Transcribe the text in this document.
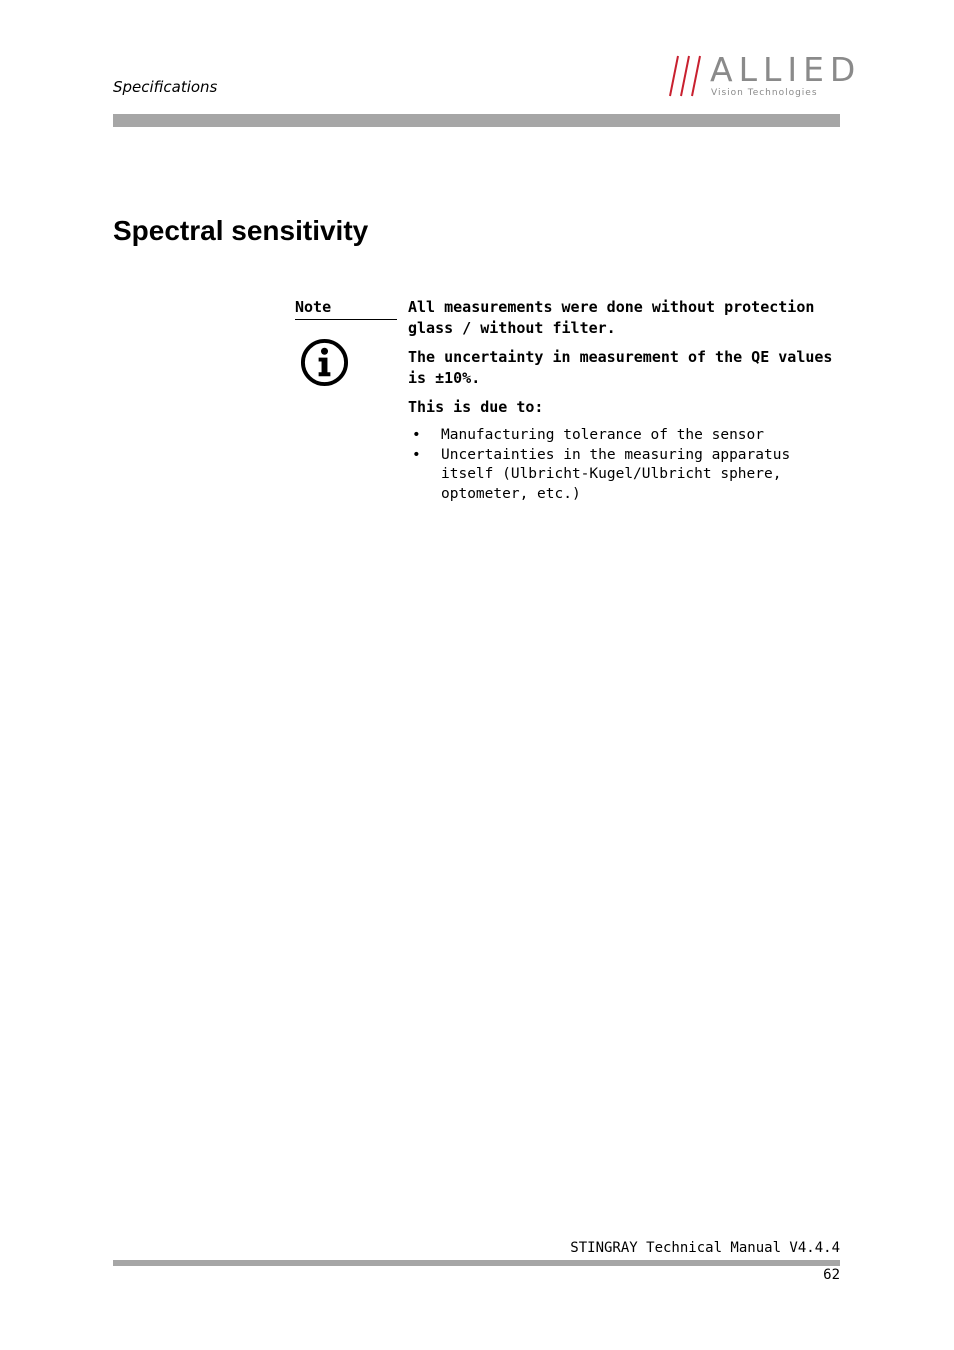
Specifications	ALLIED
Vision Technologies
Spectral sensitivity
Note	All measurements were done without protection glass / without filter.

The uncertainty in measurement of the QE values is ±10%.

This is due to:

• Manufacturing tolerance of the sensor
• Uncertainties in the measuring apparatus itself (Ulbricht-Kugel/Ulbricht sphere, optometer, etc.)
STINGRAY Technical Manual V4.4.4
62
